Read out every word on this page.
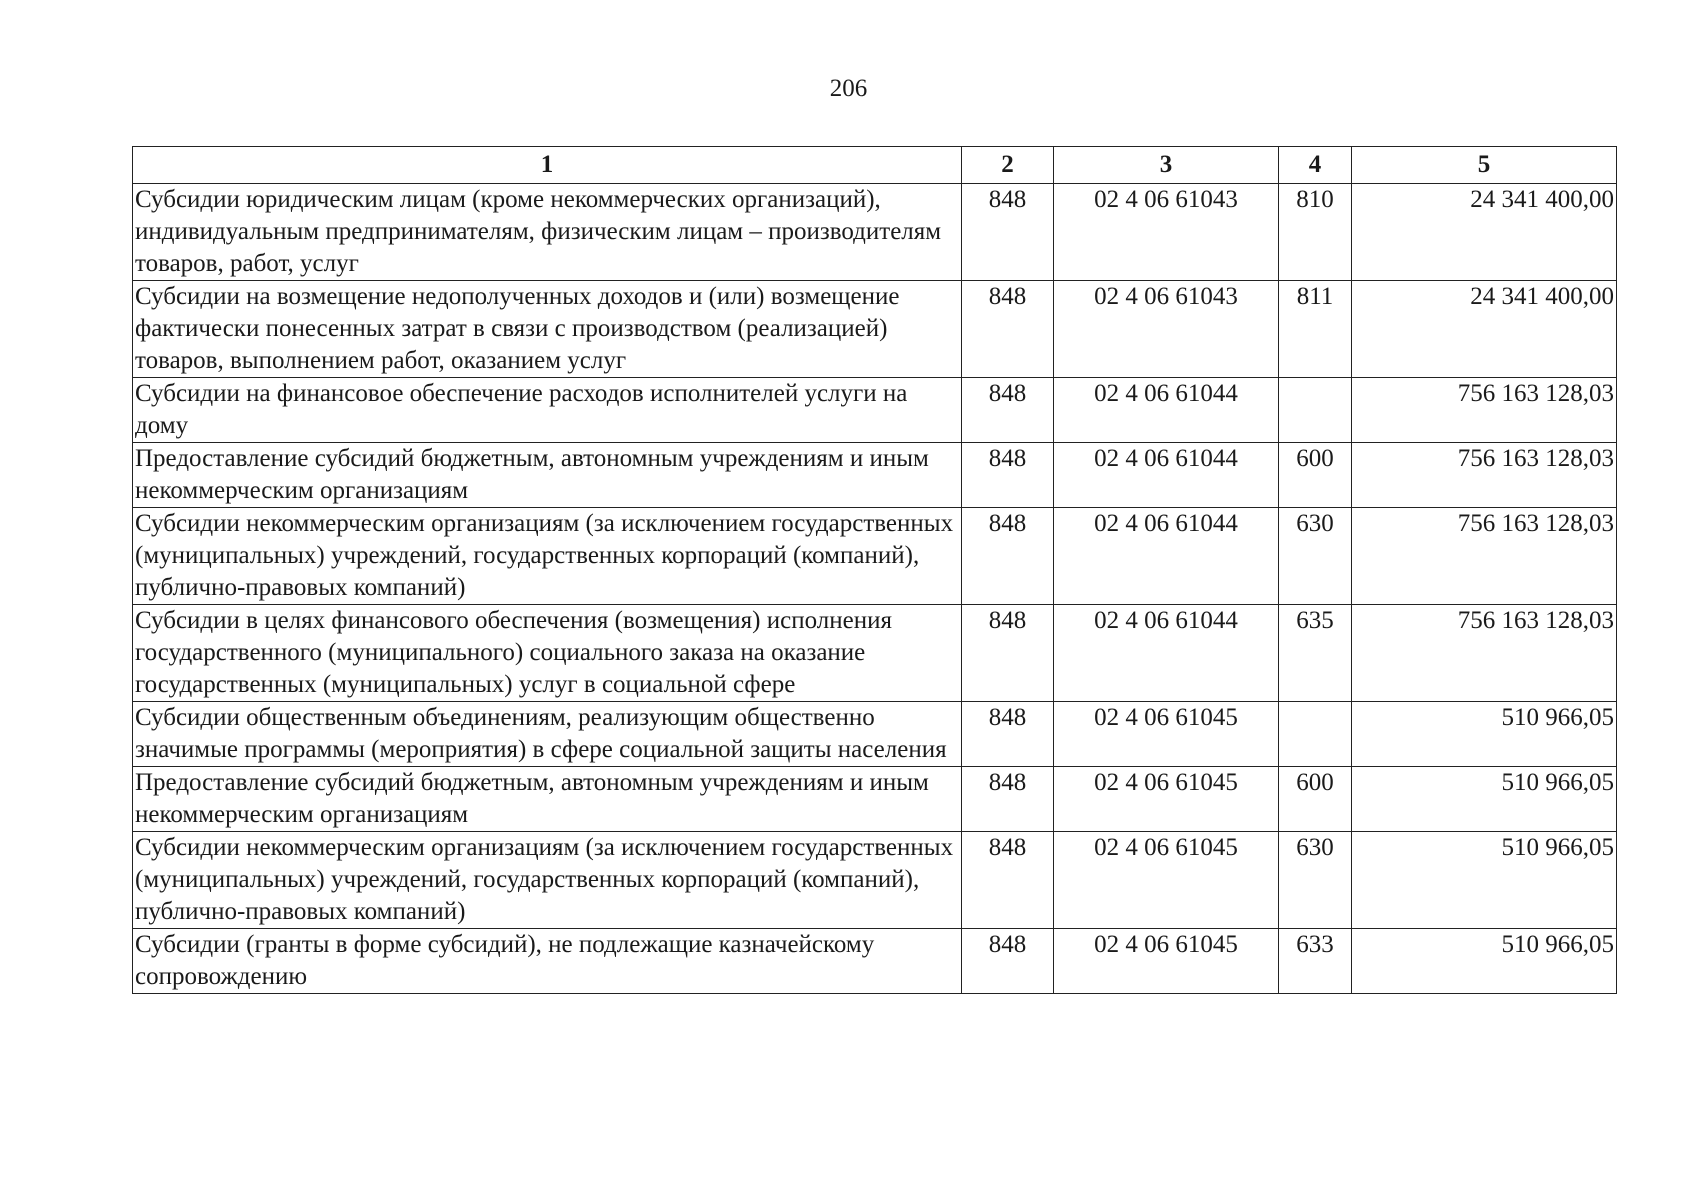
206
1	2	3	4	5
Субсидии юридическим лицам (кроме некоммерческих организаций), индивидуальным предпринимателям, физическим лицам – производителям товаров, работ, услуг	848	02 4 06 61043	810	24 341 400,00
Субсидии на возмещение недополученных доходов и (или) возмещение фактически понесенных затрат в связи с производством (реализацией) товаров, выполнением работ, оказанием услуг	848	02 4 06 61043	811	24 341 400,00
Субсидии на финансовое обеспечение расходов исполнителей услуги на дому	848	02 4 06 61044		756 163 128,03
Предоставление субсидий бюджетным, автономным учреждениям и иным некоммерческим организациям	848	02 4 06 61044	600	756 163 128,03
Субсидии некоммерческим организациям (за исключением государственных (муниципальных) учреждений, государственных корпораций (компаний), публично-правовых компаний)	848	02 4 06 61044	630	756 163 128,03
Субсидии в целях финансового обеспечения (возмещения) исполнения государственного (муниципального) социального заказа на оказание государственных (муниципальных) услуг в социальной сфере	848	02 4 06 61044	635	756 163 128,03
Субсидии общественным объединениям, реализующим общественно значимые программы (мероприятия) в сфере социальной защиты населения	848	02 4 06 61045		510 966,05
Предоставление субсидий бюджетным, автономным учреждениям и иным некоммерческим организациям	848	02 4 06 61045	600	510 966,05
Субсидии некоммерческим организациям (за исключением государственных (муниципальных) учреждений, государственных корпораций (компаний), публично-правовых компаний)	848	02 4 06 61045	630	510 966,05
Субсидии (гранты в форме субсидий), не подлежащие казначейскому сопровождению	848	02 4 06 61045	633	510 966,05
